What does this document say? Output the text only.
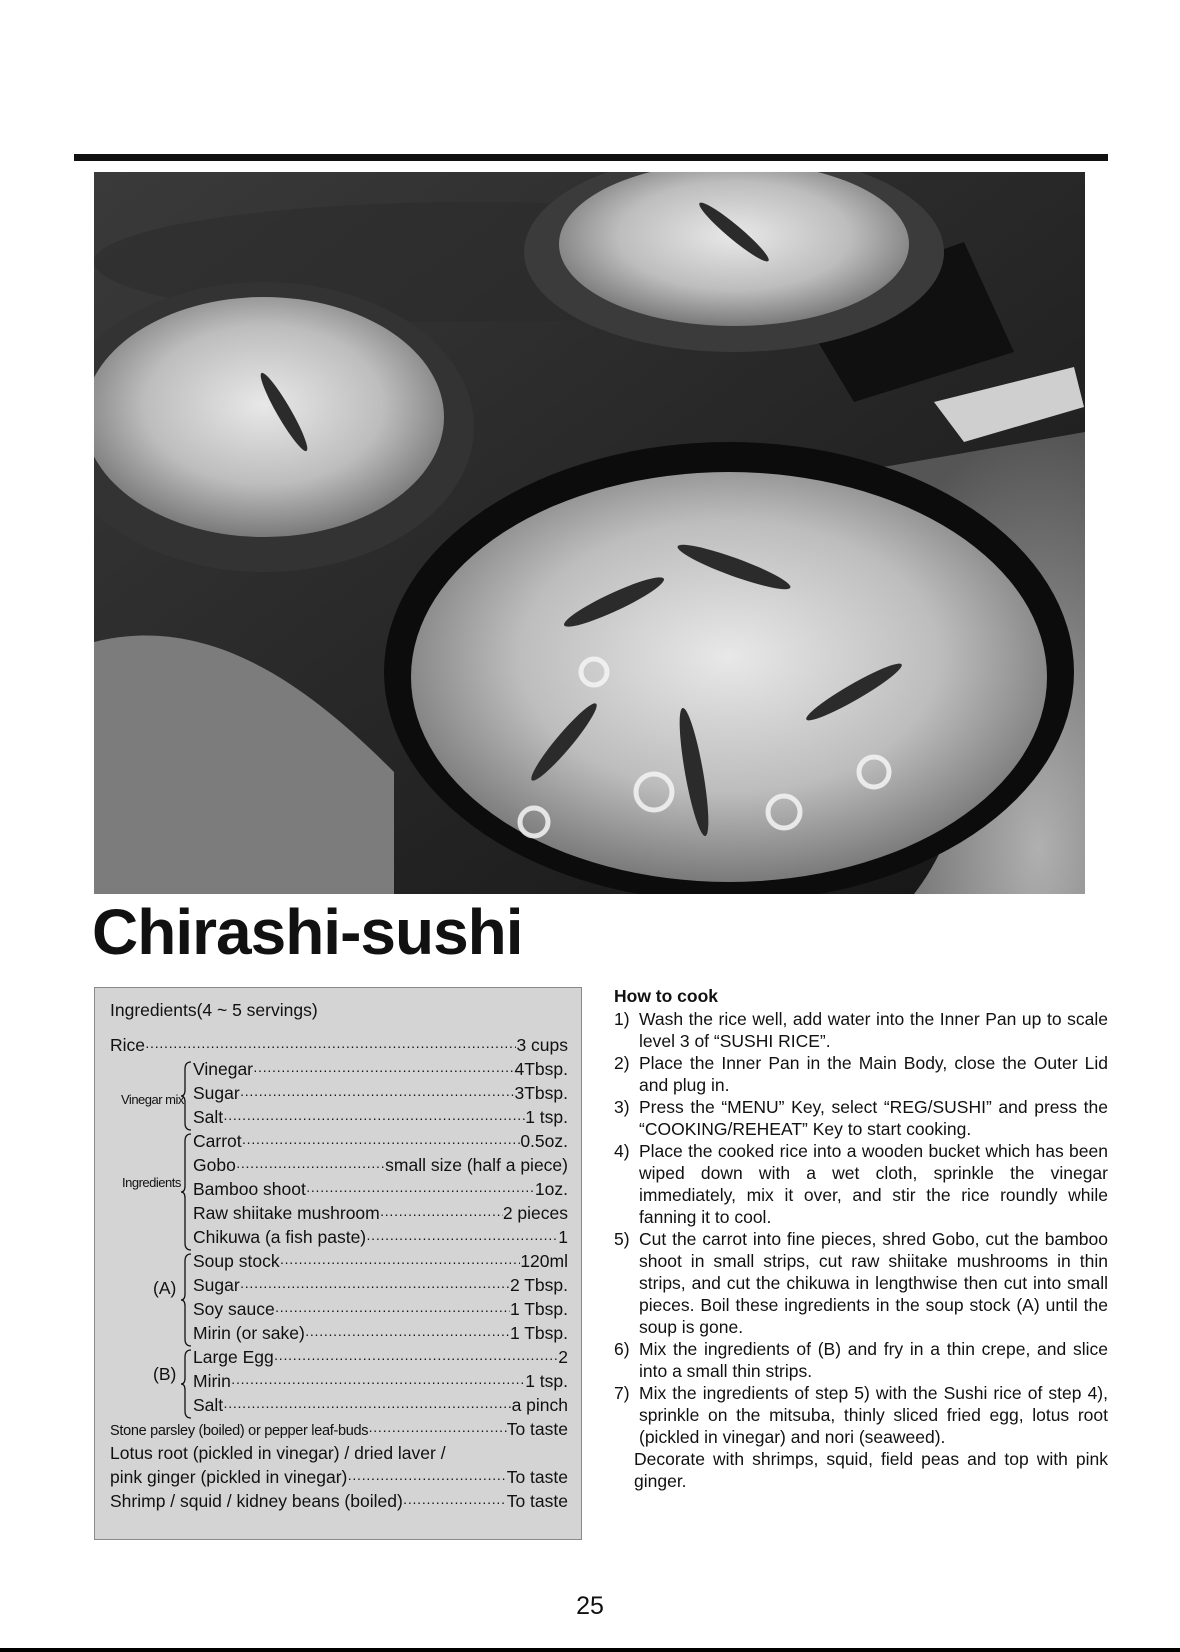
Chirashi-sushi
Ingredients(4 ~ 5 servings)
Rice ·····	3 cups
Vinegar mix
Vinegar ·····	4Tbsp.
Sugar ·····	3Tbsp.
Salt ·····	1 tsp.
Ingredients
Carrot ·····	0.5oz.
Gobo ·····	small size (half a piece)
Bamboo shoot ·····	1oz.
Raw shiitake mushroom ·····	2 pieces
Chikuwa (a fish paste) ·····	1
(A)
Soup stock ·····	120ml
Sugar ·····	2 Tbsp.
Soy sauce ·····	1 Tbsp.
Mirin (or sake) ·····	1 Tbsp.
(B)
Large Egg ·····	2
Mirin ·····	1 tsp.
Salt ·····	a pinch
Stone parsley (boiled) or pepper leaf-buds ·····	To taste
Lotus root (pickled in vinegar) / dried laver /
pink ginger (pickled in vinegar) ·····	To taste
Shrimp / squid / kidney beans (boiled) ·····	To taste
How to cook

1) Wash the rice well, add water into the Inner Pan up to scale level 3 of “SUSHI RICE”.

2) Place the Inner Pan in the Main Body, close the Outer Lid and plug in.

3) Press the “MENU” Key, select “REG/SUSHI” and press the “COOKING/REHEAT” Key to start cooking.

4) Place the cooked rice into a wooden bucket which has been wiped down with a wet cloth, sprinkle the vinegar immediately, mix it over, and stir the rice roundly while fanning it to cool.

5) Cut the carrot into fine pieces, shred Gobo, cut the bamboo shoot in small strips, cut raw shiitake mushrooms in thin strips, and cut the chikuwa in lengthwise then cut into small pieces. Boil these ingredients in the soup stock (A) until the soup is gone.

6) Mix the ingredients of (B) and fry in a thin crepe, and slice into a small thin strips.

7) Mix the ingredients of step 5) with the Sushi rice of step 4), sprinkle on the mitsuba, thinly sliced fried egg, lotus root (pickled in vinegar) and nori (seaweed).

Decorate with shrimps, squid, field peas and top with pink ginger.

25
